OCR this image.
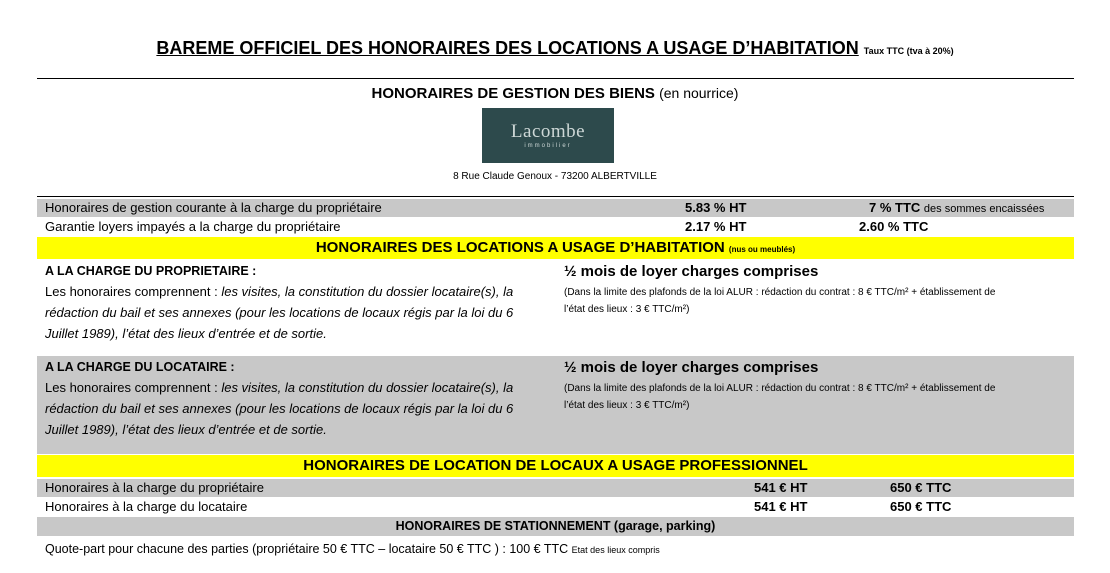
BAREME OFFICIEL DES HONORAIRES DES LOCATIONS A USAGE D’HABITATION Taux TTC (tva à 20%)
HONORAIRES DE GESTION DES BIENS (en nourrice)
Lacombe
immobilier
8 Rue Claude Genoux - 73200 ALBERTVILLE
Honoraires de gestion courante à la charge du propriétaire	5.83 % HT	7 % TTC des sommes encaissées
Garantie loyers impayés a la charge du propriétaire	2.17 % HT	2.60 % TTC
HONORAIRES DES LOCATIONS A USAGE D’HABITATION (nus ou meublés)
A LA CHARGE DU PROPRIETAIRE :
Les honoraires comprennent : les visites, la constitution du dossier locataire(s), la rédaction du bail et ses annexes (pour les locations de locaux régis par la loi du 6 Juillet 1989), l’état des lieux d’entrée et de sortie.
½ mois de loyer charges comprises
(Dans la limite des plafonds de la loi ALUR : rédaction du contrat : 8 € TTC/m² + établissement de l’état des lieux : 3 € TTC/m²)
A LA CHARGE DU LOCATAIRE :
Les honoraires comprennent : les visites, la constitution du dossier locataire(s), la rédaction du bail et ses annexes (pour les locations de locaux régis par la loi du 6 Juillet 1989), l’état des lieux d’entrée et de sortie.
½ mois de loyer charges comprises
(Dans la limite des plafonds de la loi ALUR : rédaction du contrat : 8 € TTC/m² + établissement de l’état des lieux : 3 € TTC/m²)
HONORAIRES DE LOCATION DE LOCAUX A USAGE PROFESSIONNEL
Honoraires à la charge du propriétaire	541 € HT	650 € TTC
Honoraires à la charge du locataire	541 € HT	650 € TTC
HONORAIRES DE STATIONNEMENT (garage, parking)
Quote-part pour chacune des parties (propriétaire 50 € TTC – locataire 50 € TTC ) : 100 € TTC Etat des lieux compris
